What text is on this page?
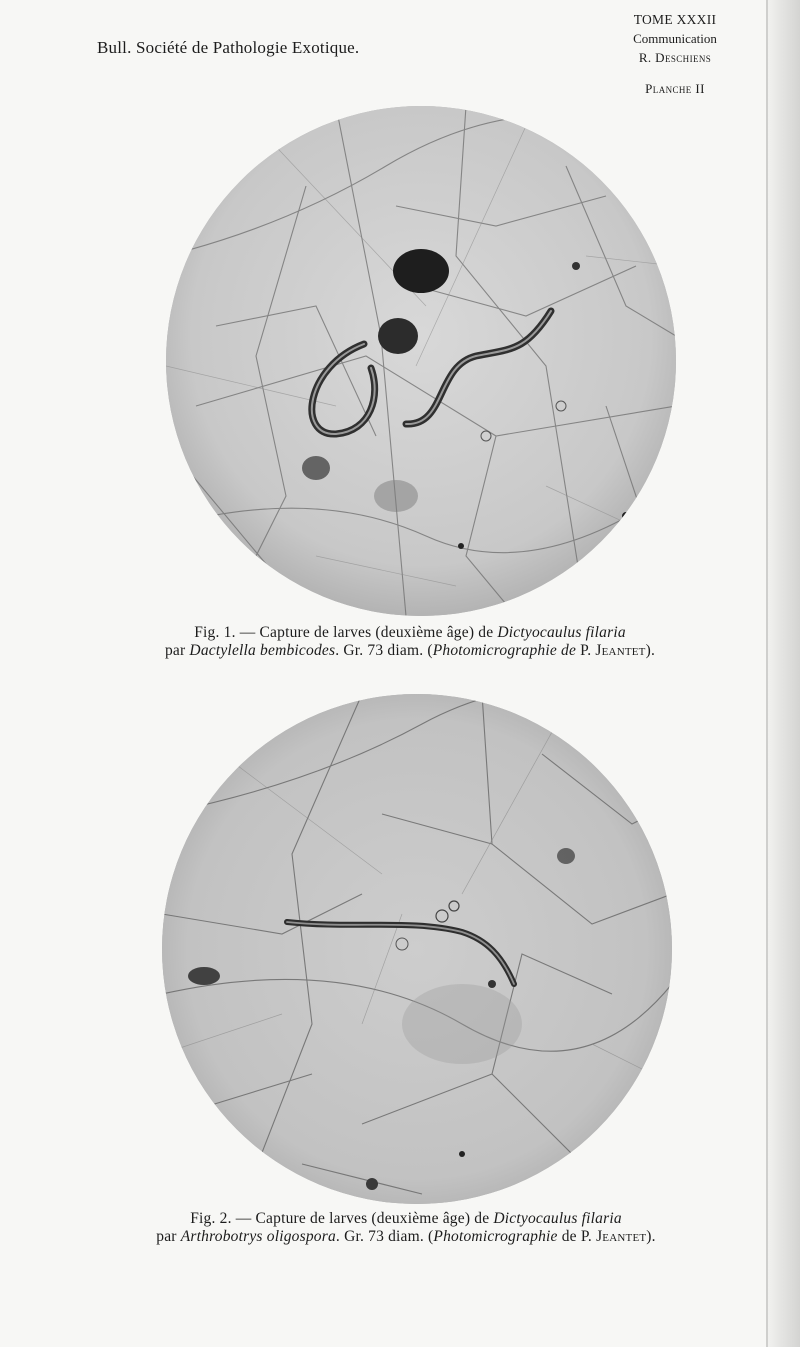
Bull. Société de Pathologie Exotique.
TOME XXXII
Communication
R. Deschiens
Planche II
Fig. 1. — Capture de larves (deuxième âge) de Dictyocaulus filaria
par Dactylella bembicodes. Gr. 73 diam. (Photomicrographie de P. Jeantet).
Fig. 2. — Capture de larves (deuxième âge) de Dictyocaulus filaria
par Arthrobotrys oligospora. Gr. 73 diam. (Photomicrographie de P. Jeantet).
